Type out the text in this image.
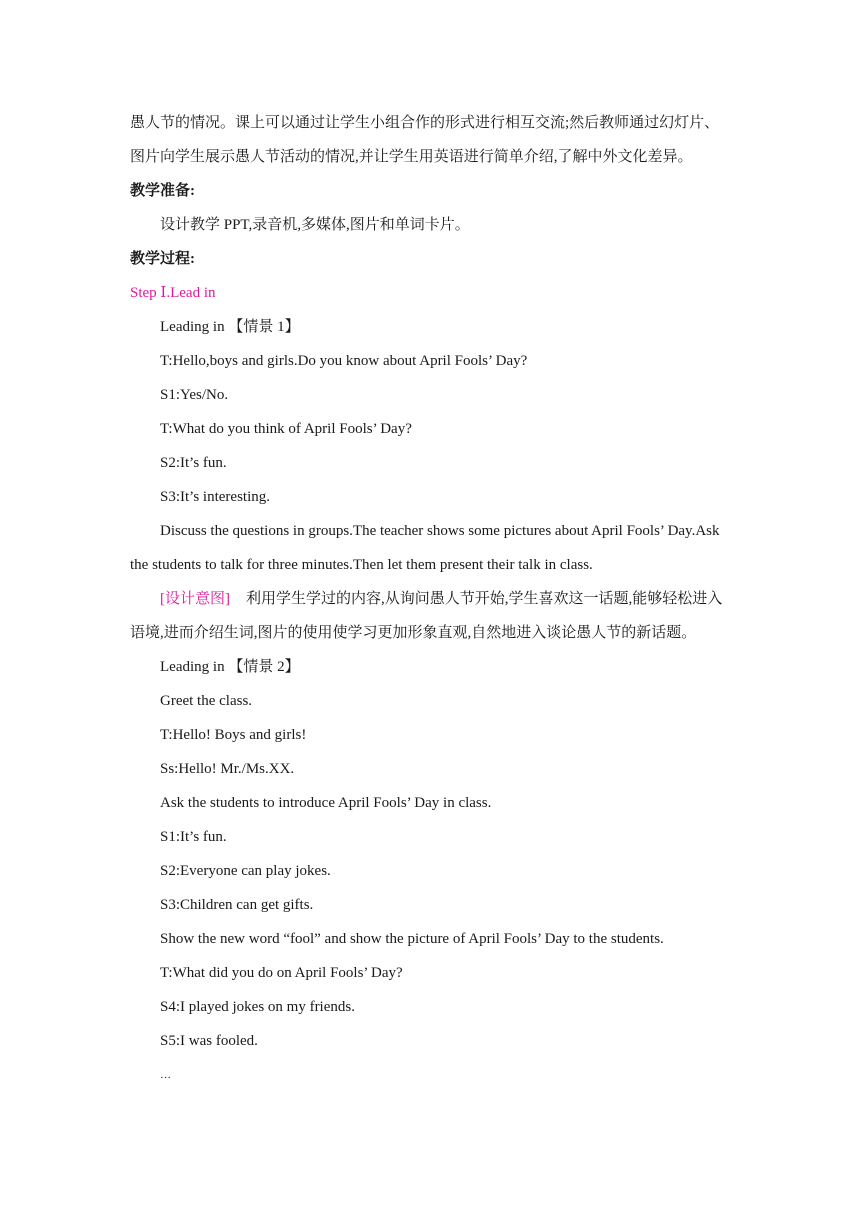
愚人节的情况。课上可以通过让学生小组合作的形式进行相互交流;然后教师通过幻灯片、
图片向学生展示愚人节活动的情况,并让学生用英语进行简单介绍,了解中外文化差异。
教学准备:
设计教学 PPT,录音机,多媒体,图片和单词卡片。
教学过程:
Step Ⅰ.Lead in
Leading in 【情景 1】
T:Hello,boys and girls.Do you know about April Fools’ Day?
S1:Yes/No.
T:What do you think of April Fools’ Day?
S2:It’s fun.
S3:It’s interesting.
Discuss the questions in groups.The teacher shows some pictures about April Fools’ Day.Ask
the students to talk for three minutes.Then let them present their talk in class.
[设计意图] 利用学生学过的内容,从询问愚人节开始,学生喜欢这一话题,能够轻松进入
语境,进而介绍生词,图片的使用使学习更加形象直观,自然地进入谈论愚人节的新话题。
Leading in 【情景 2】
Greet the class.
T:Hello! Boys and girls!
Ss:Hello! Mr./Ms.XX.
Ask the students to introduce April Fools’ Day in class.
S1:It’s fun.
S2:Everyone can play jokes.
S3:Children can get gifts.
Show the new word “fool” and show the picture of April Fools’ Day to the students.
T:What did you do on April Fools’ Day?
S4:I played jokes on my friends.
S5:I was fooled.
…
